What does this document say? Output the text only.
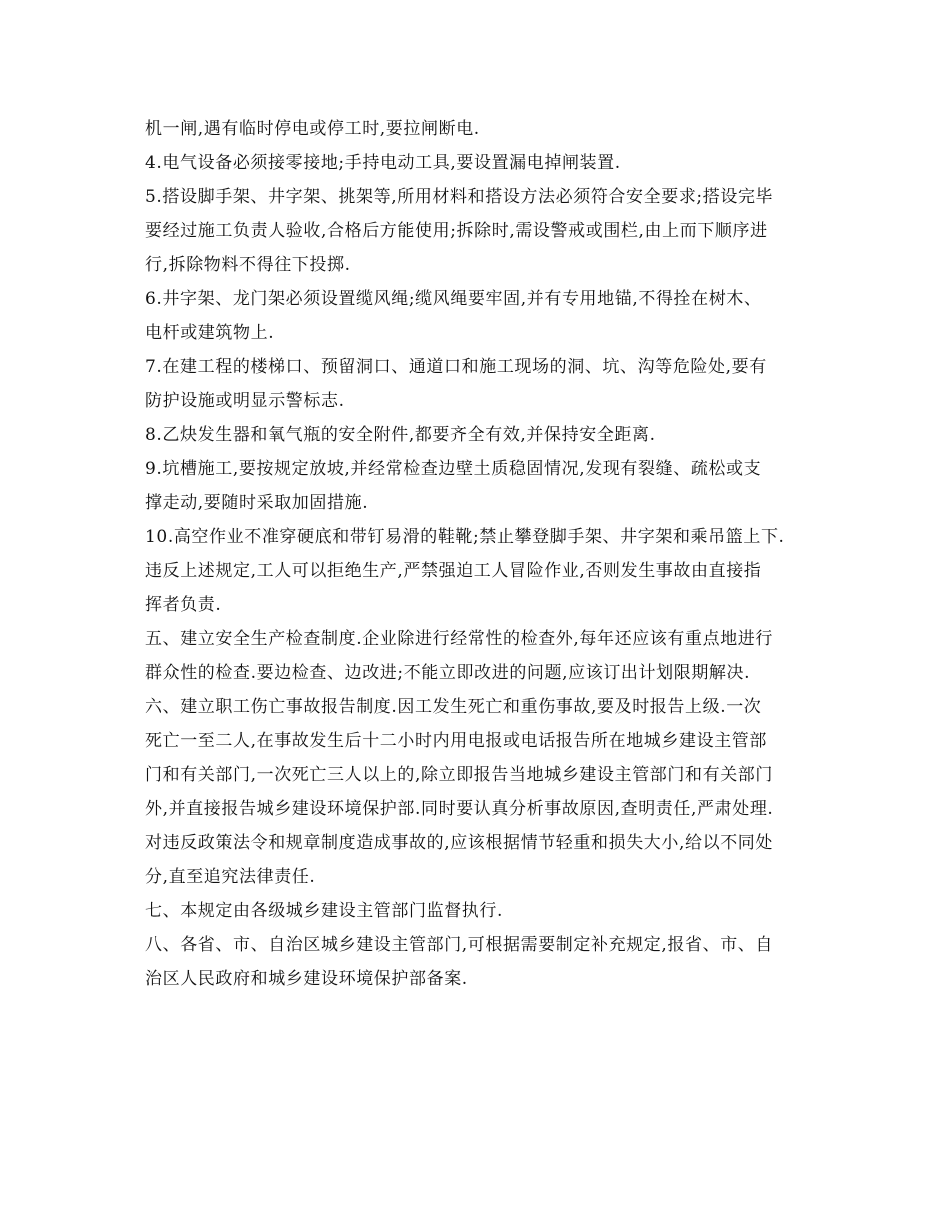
机一闸,遇有临时停电或停工时,要拉闸断电.
4.电气设备必须接零接地;手持电动工具,要设置漏电掉闸装置.
5.搭设脚手架、井字架、挑架等,所用材料和搭设方法必须符合安全要求;搭设完毕
要经过施工负责人验收,合格后方能使用;拆除时,需设警戒或围栏,由上而下顺序进
行,拆除物料不得往下投掷.
6.井字架、龙门架必须设置缆风绳;缆风绳要牢固,并有专用地锚,不得拴在树木、
电杆或建筑物上.
7.在建工程的楼梯口、预留洞口、通道口和施工现场的洞、坑、沟等危险处,要有
防护设施或明显示警标志.
8.乙炔发生器和氧气瓶的安全附件,都要齐全有效,并保持安全距离.
9.坑槽施工,要按规定放坡,并经常检查边壁土质稳固情况,发现有裂缝、疏松或支
撑走动,要随时采取加固措施.
10.高空作业不准穿硬底和带钉易滑的鞋靴;禁止攀登脚手架、井字架和乘吊篮上下.
违反上述规定,工人可以拒绝生产,严禁强迫工人冒险作业,否则发生事故由直接指
挥者负责.
五、建立安全生产检查制度.企业除进行经常性的检查外,每年还应该有重点地进行
群众性的检查.要边检查、边改进;不能立即改进的问题,应该订出计划限期解决.
六、建立职工伤亡事故报告制度.因工发生死亡和重伤事故,要及时报告上级.一次
死亡一至二人,在事故发生后十二小时内用电报或电话报告所在地城乡建设主管部
门和有关部门,一次死亡三人以上的,除立即报告当地城乡建设主管部门和有关部门
外,并直接报告城乡建设环境保护部.同时要认真分析事故原因,查明责任,严肃处理.
对违反政策法令和规章制度造成事故的,应该根据情节轻重和损失大小,给以不同处
分,直至追究法律责任.
七、本规定由各级城乡建设主管部门监督执行.
八、各省、市、自治区城乡建设主管部门,可根据需要制定补充规定,报省、市、自
治区人民政府和城乡建设环境保护部备案.
